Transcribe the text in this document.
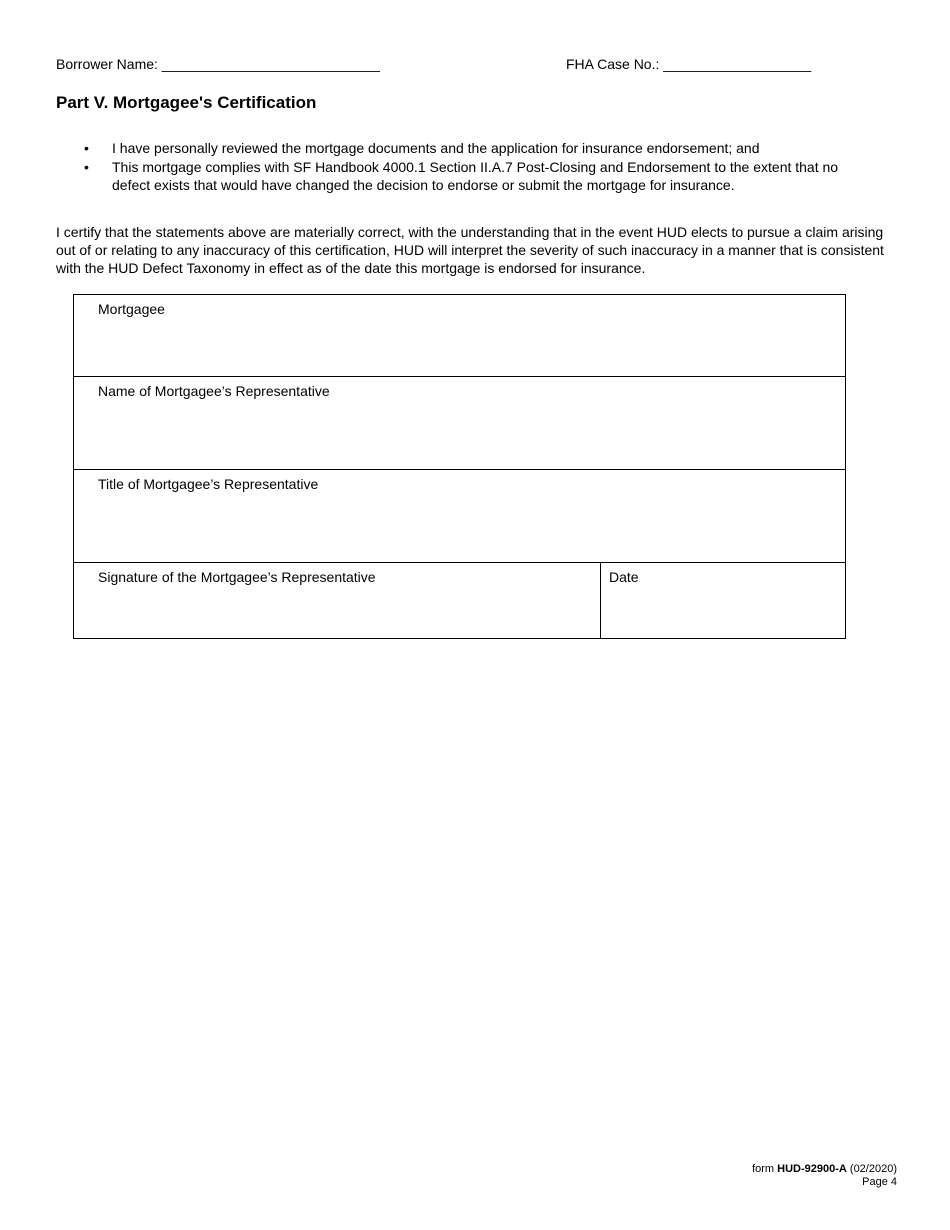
Borrower Name: ____________________________	FHA Case No.: ___________________
Part V. Mortgagee's Certification
• I have personally reviewed the mortgage documents and the application for insurance endorsement; and
• This mortgage complies with SF Handbook 4000.1 Section II.A.7 Post-Closing and Endorsement to the extent that no defect exists that would have changed the decision to endorse or submit the mortgage for insurance.

I certify that the statements above are materially correct, with the understanding that in the event HUD elects to pursue a claim arising out of or relating to any inaccuracy of this certification, HUD will interpret the severity of such inaccuracy in a manner that is consistent with the HUD Defect Taxonomy in effect as of the date this mortgage is endorsed for insurance.

Mortgagee
Name of Mortgagee’s Representative
Title of Mortgagee’s Representative
Signature of the Mortgagee’s Representative	Date
form HUD-92900-A (02/2020)
Page 4
